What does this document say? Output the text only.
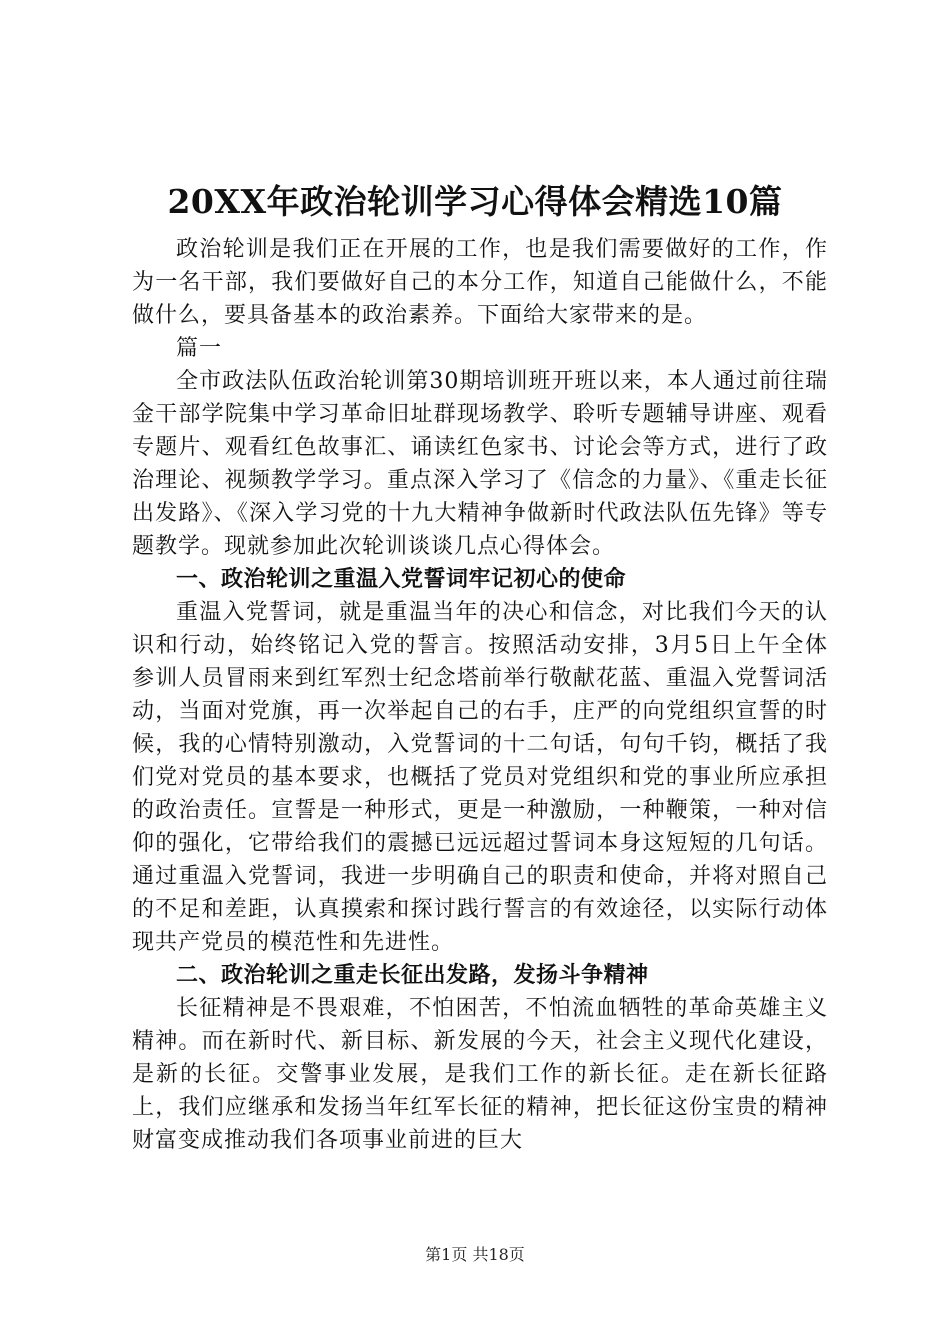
20XX年政治轮训学习心得体会精选10篇

政治轮训是我们正在开展的工作，也是我们需要做好的工作，作为一名干部，我们要做好自己的本分工作，知道自己能做什么，不能做什么，要具备基本的政治素养。下面给大家带来的是。

篇一

全市政法队伍政治轮训第30期培训班开班以来，本人通过前往瑞金干部学院集中学习革命旧址群现场教学、聆听专题辅导讲座、观看专题片、观看红色故事汇、诵读红色家书、讨论会等方式，进行了政治理论、视频教学学习。重点深入学习了《信念的力量》、《重走长征出发路》、《深入学习党的十九大精神争做新时代政法队伍先锋》等专题教学。现就参加此次轮训谈谈几点心得体会。

一、政治轮训之重温入党誓词牢记初心的使命

重温入党誓词，就是重温当年的决心和信念，对比我们今天的认识和行动，始终铭记入党的誓言。按照活动安排，3月5日上午全体参训人员冒雨来到红军烈士纪念塔前举行敬献花蓝、重温入党誓词活动，当面对党旗，再一次举起自己的右手，庄严的向党组织宣誓的时候，我的心情特别激动，入党誓词的十二句话，句句千钧，概括了我们党对党员的基本要求，也概括了党员对党组织和党的事业所应承担的政治责任。宣誓是一种形式，更是一种激励，一种鞭策，一种对信仰的强化，它带给我们的震撼已远远超过誓词本身这短短的几句话。通过重温入党誓词，我进一步明确自己的职责和使命，并将对照自己的不足和差距，认真摸索和探讨践行誓言的有效途径，以实际行动体现共产党员的模范性和先进性。

二、政治轮训之重走长征出发路，发扬斗争精神

长征精神是不畏艰难，不怕困苦，不怕流血牺牲的革命英雄主义精神。而在新时代、新目标、新发展的今天，社会主义现代化建设，是新的长征。交警事业发展，是我们工作的新长征。走在新长征路上，我们应继承和发扬当年红军长征的精神，把长征这份宝贵的精神财富变成推动我们各项事业前进的巨大

第1页 共18页
